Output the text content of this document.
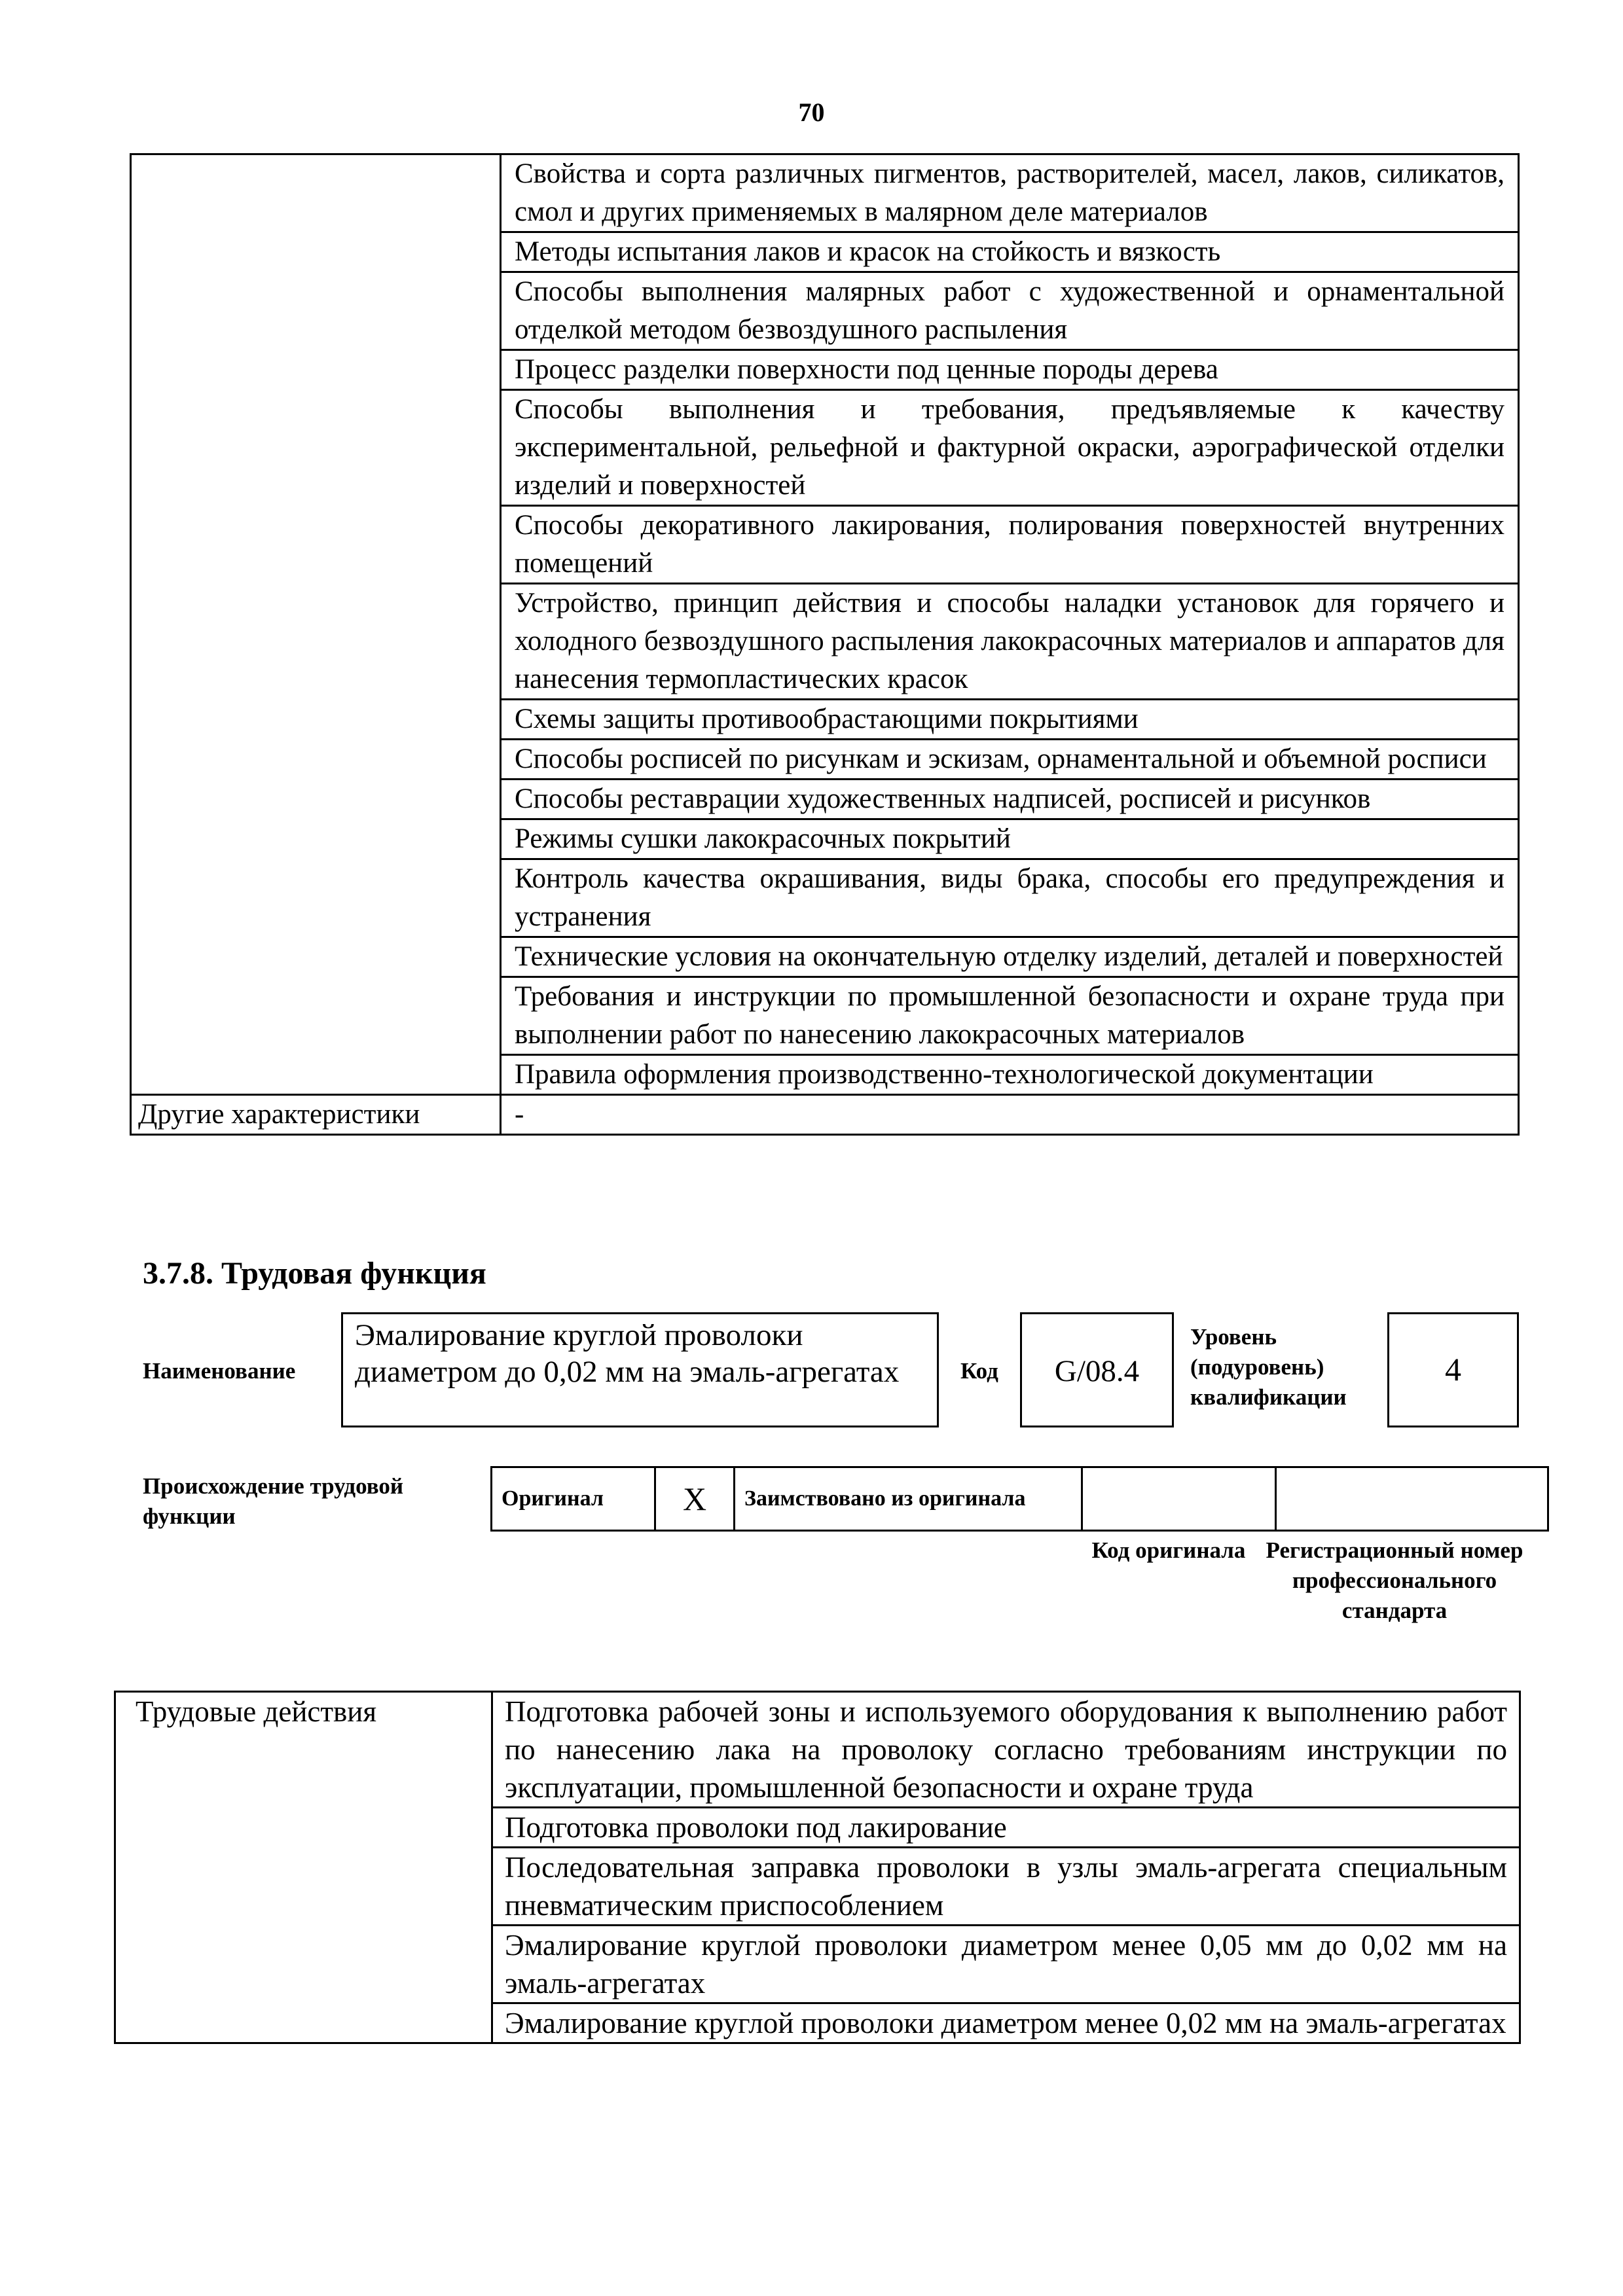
70
	Свойства и сорта различных пигментов, растворителей, масел, лаков, силикатов, смол и других применяемых в малярном деле материалов
	Методы испытания лаков и красок на стойкость и вязкость
	Способы выполнения малярных работ с художественной и орнаментальной отделкой методом безвоздушного распыления
	Процесс разделки поверхности под ценные породы дерева
	Способы выполнения и требования, предъявляемые к качеству экспериментальной, рельефной и фактурной окраски, аэрографической отделки изделий и поверхностей
	Способы декоративного лакирования, полирования поверхностей внутренних помещений
	Устройство, принцип действия и способы наладки установок для горячего и холодного безвоздушного распыления лакокрасочных материалов и аппаратов для нанесения термопластических красок
	Схемы защиты противообрастающими покрытиями
	Способы росписей по рисункам и эскизам, орнаментальной и объемной росписи
	Способы реставрации художественных надписей, росписей и рисунков
	Режимы сушки лакокрасочных покрытий
	Контроль качества окрашивания, виды брака, способы его предупреждения и устранения
	Технические условия на окончательную отделку изделий, деталей и поверхностей
	Требования и инструкции по промышленной безопасности и охране труда при выполнении работ по нанесению лакокрасочных материалов
	Правила оформления производственно-технологической документации
Другие характеристики	-
3.7.8. Трудовая функция
Наименование
Эмалирование круглой проволоки диаметром до 0,02 мм на эмаль-агрегатах	Код	G/08.4
Уровень (подуровень) квалификации
4
Происхождение трудовой функции
Оригинал	X	Заимствовано из оригинала		
Код оригинала Регистрационный номер профессионального стандарта
Трудовые действия	Подготовка рабочей зоны и используемого оборудования к выполнению работ по нанесению лака на проволоку согласно требованиям инструкции по эксплуатации, промышленной безопасности и охране труда
Подготовка проволоки под лакирование
Последовательная заправка проволоки в узлы эмаль-агрегата специальным пневматическим приспособлением
Эмалирование круглой проволоки диаметром менее 0,05 мм до 0,02 мм на эмаль-агрегатах
Эмалирование круглой проволоки диаметром менее 0,02 мм на эмаль-агрегатах
